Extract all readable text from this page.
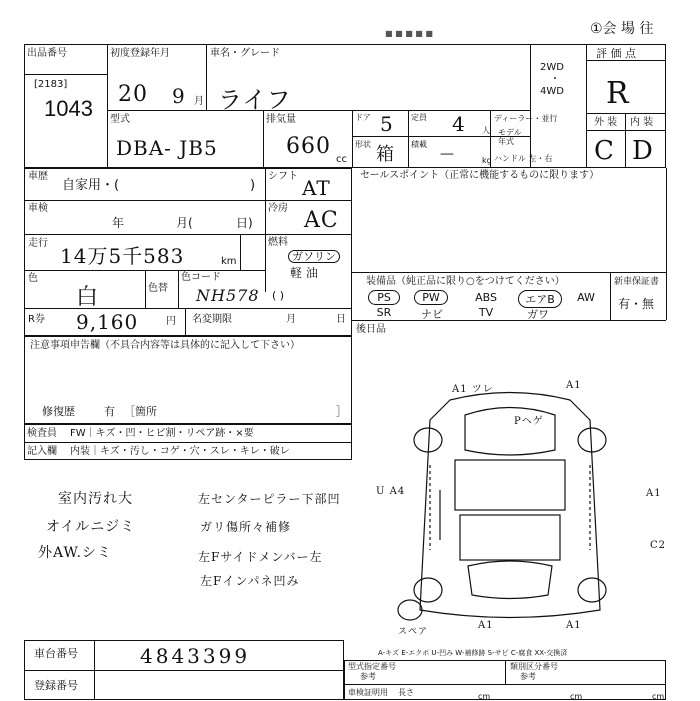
■ ■ ■ ■ ■	①会 場 往
出品番号
[2183]
1043
初度登録年月
20 9 月
車名・グレード
ライフ
2WD
・
4WD
評 価 点
R
型式
DBA- JB5
排気量
660
cc
ドア 5 定員 4 人
形状 箱 積載
—	kg
ディーラー・並行
モデル
年式
ハンドル 左・右
外 装 内 装
C D
車歴
自家用・(	)
シフト AT
車検
年	月(	日)
冷房 AC
走行
14万5千583	km
燃料
ガソリン
軽 油
( )
色
白	色替
色コード
NH578
R券 9,160	円 名変期限	月	日
セールスポイント（正常に機能するものに限ります）
装備品（純正品に限り○をつけてください）	新車保証書
有・無
PS	PW	ABS	エアB	AW
SR	ナビ	TV	ガワ
後日品
注意事項申告欄（不具合内容等は具体的に記入して下さい）
修復歴	有 ［箇所	］
検査員
記入欄
FW｜キズ・凹・ヒビ割・リペア跡・×要
内装｜キズ・汚し・コゲ・穴・スレ・キレ・破レ
室内汚れ大
オイルニジミ
外AW.シミ
左センターピラー下部凹
ガリ傷所々補修
左Fサイドメンバー左
左Fインパネ凹み
A1 ツレ	A1
Pヘゲ
U A4	A1
C2
スペア
A1	A1
車台番号	4843399
登録番号
A-キズ E-エクボ U-凹み W-補修跡 S-サビ C-腐食 XX-交換済
型式指定番号
参考
類別区分番号
参考
車検証明用 長さ	cm	cm	cm
